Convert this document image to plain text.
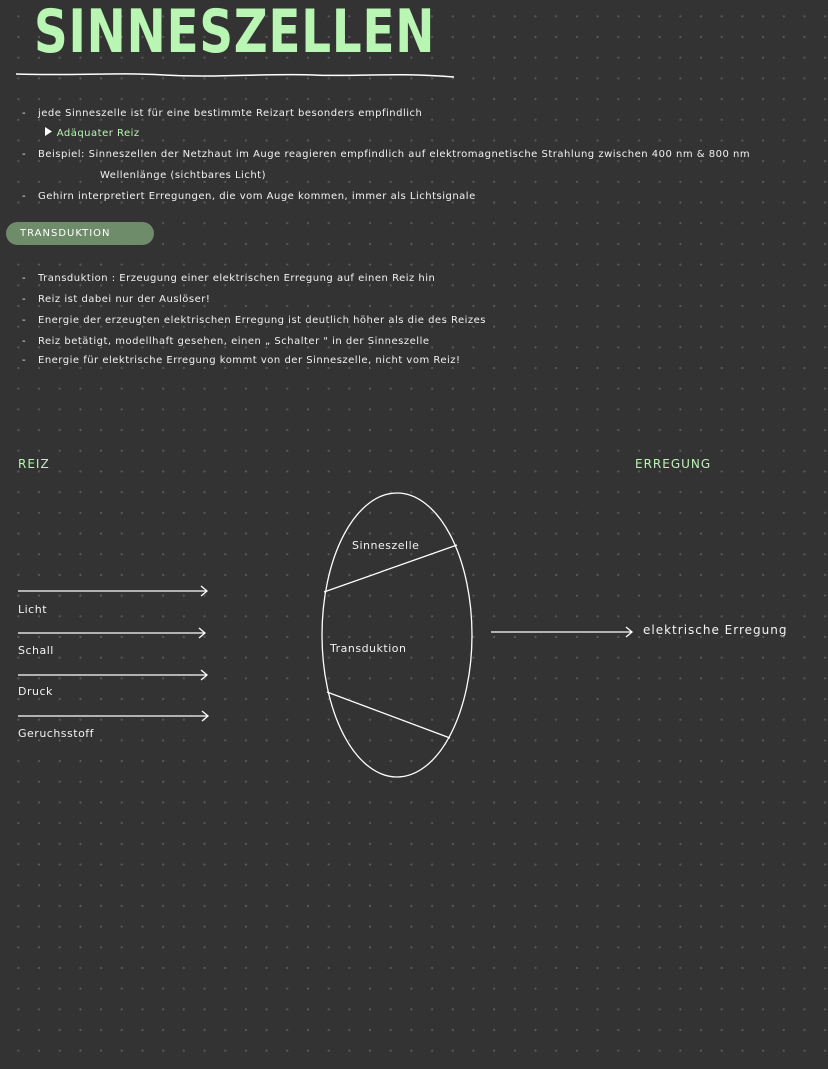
SINNESZELLEN
- jede Sinneszelle ist für eine bestimmte Reizart besonders empfindlich
Adäquater Reiz
- Beispiel: Sinneszellen der Netzhaut im Auge reagieren empfindlich auf elektromagnetische Strahlung zwischen 400 nm & 800 nm
Wellenlänge (sichtbares Licht)
- Gehirn interpretiert Erregungen, die vom Auge kommen, immer als Lichtsignale
TRANSDUKTION
- Transduktion : Erzeugung einer elektrischen Erregung auf einen Reiz hin
- Reiz ist dabei nur der Auslöser!
- Energie der erzeugten elektrischen Erregung ist deutlich höher als die des Reizes
- Reiz betätigt, modellhaft gesehen, einen „ Schalter " in der Sinneszelle
- Energie für elektrische Erregung kommt von der Sinneszelle, nicht vom Reiz!
REIZ	ERREGUNG
Licht
Schall
Druck
Geruchsstoff
Sinneszelle
Transduktion
elektrische Erregung
